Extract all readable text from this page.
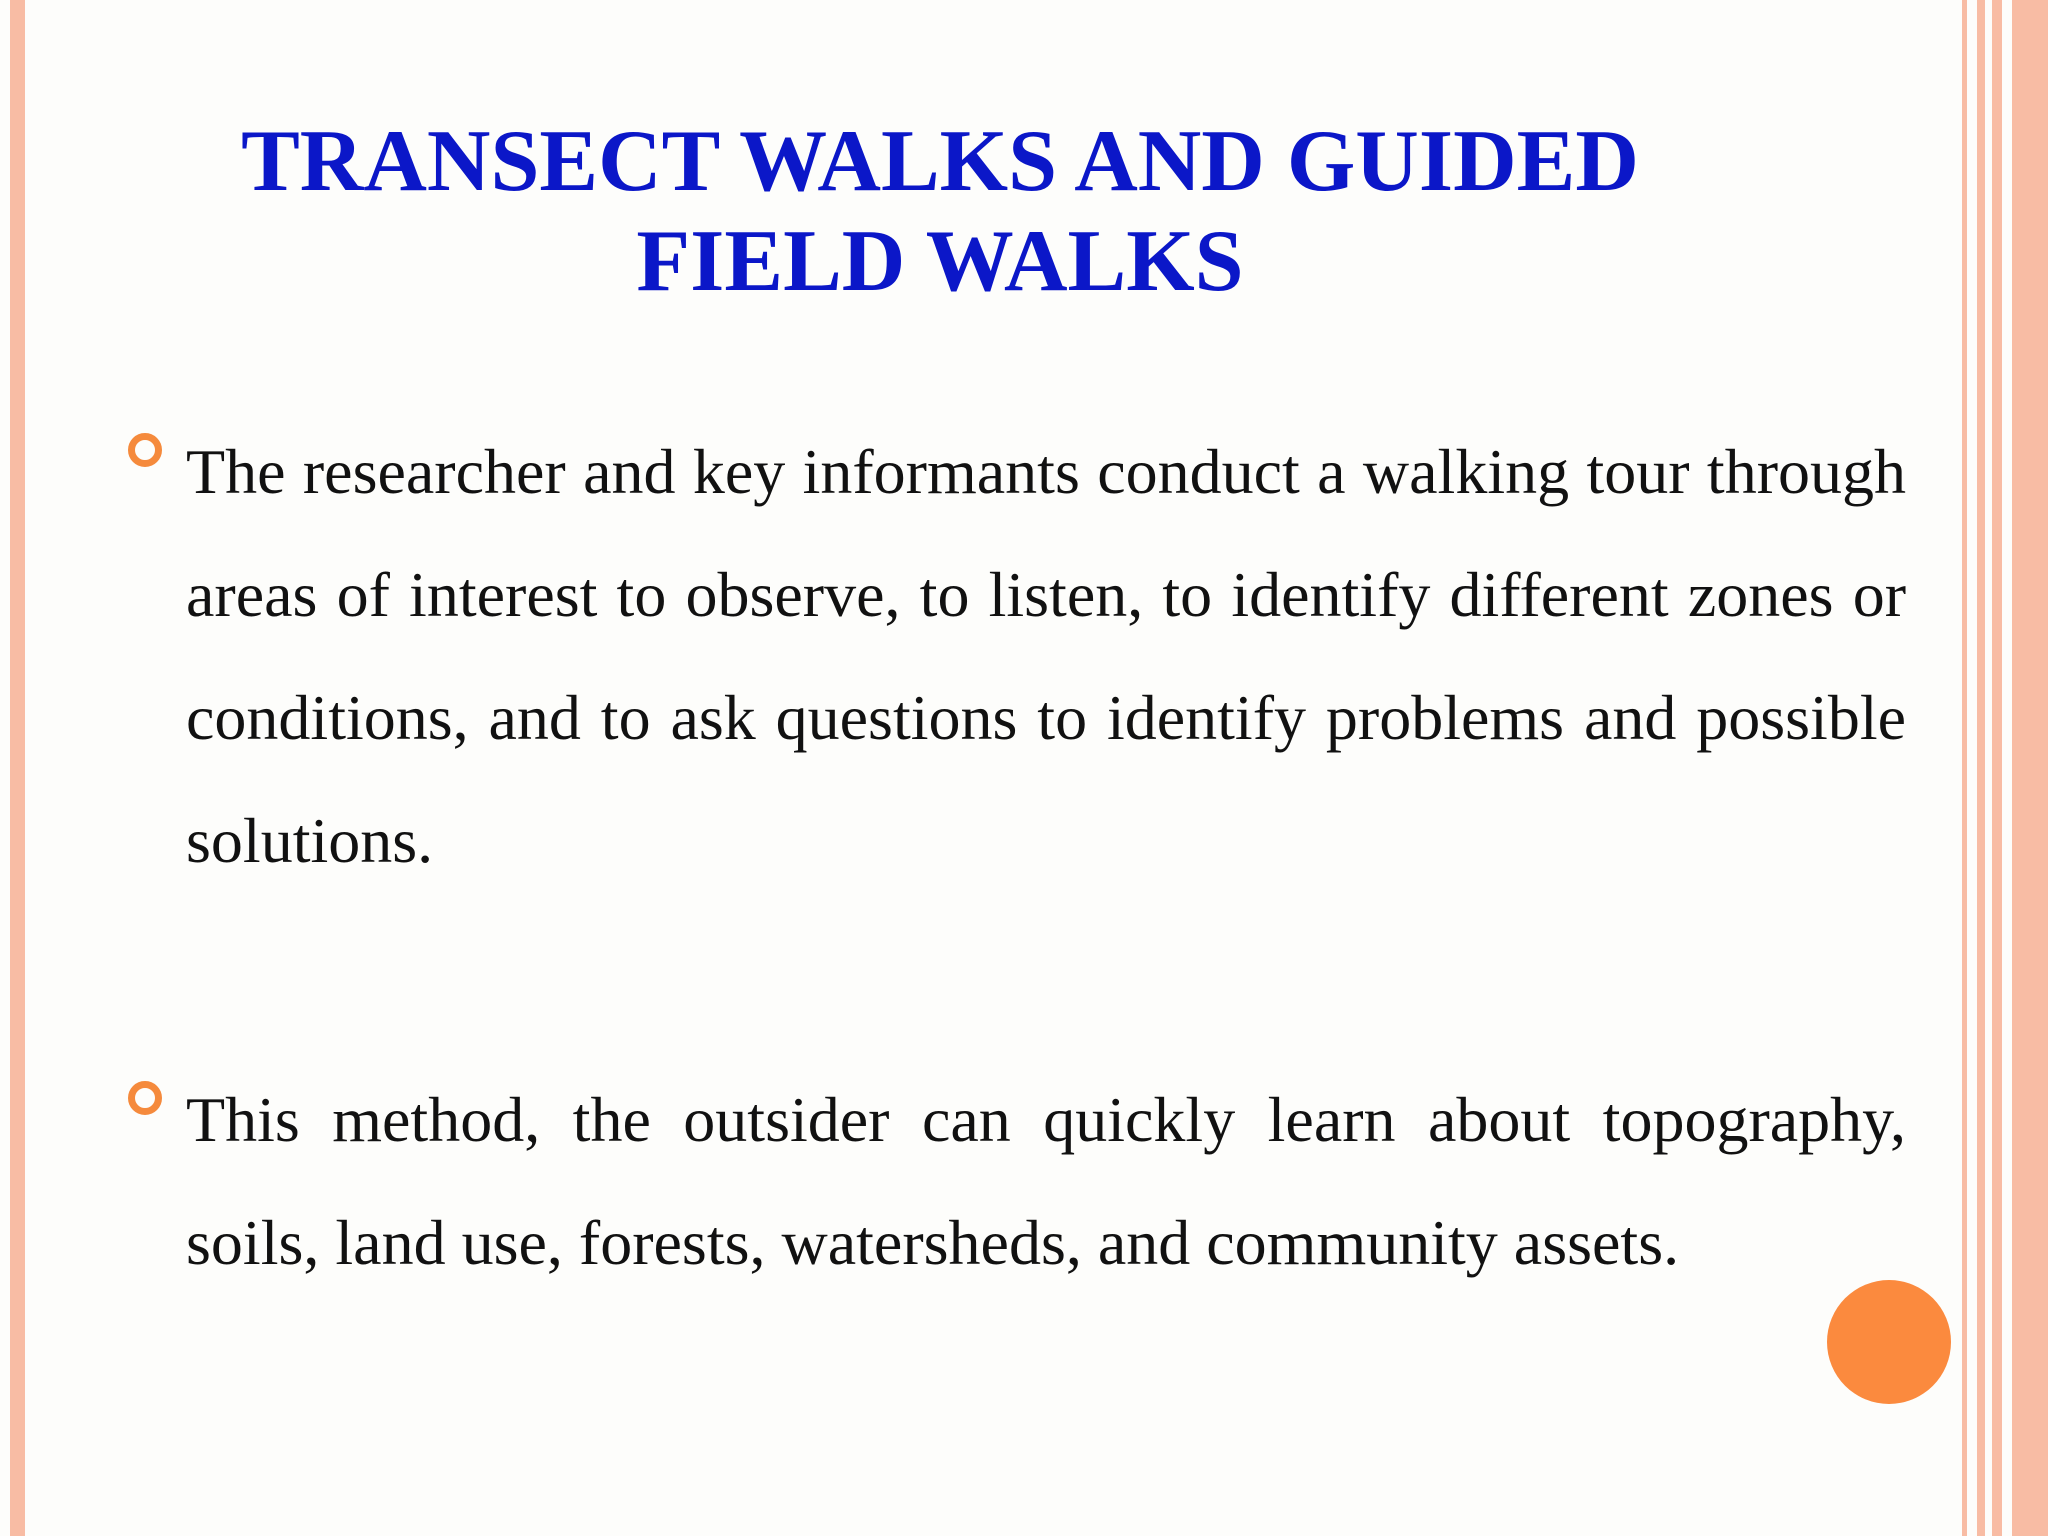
TRANSECT WALKS AND GUIDED
FIELD WALKS
The researcher and key informants conduct a walking tour through areas of interest to observe, to listen, to identify different zones or conditions, and to ask questions to identify problems and possible solutions.
This method, the outsider can quickly learn about topography, soils, land use, forests, watersheds, and community assets.
